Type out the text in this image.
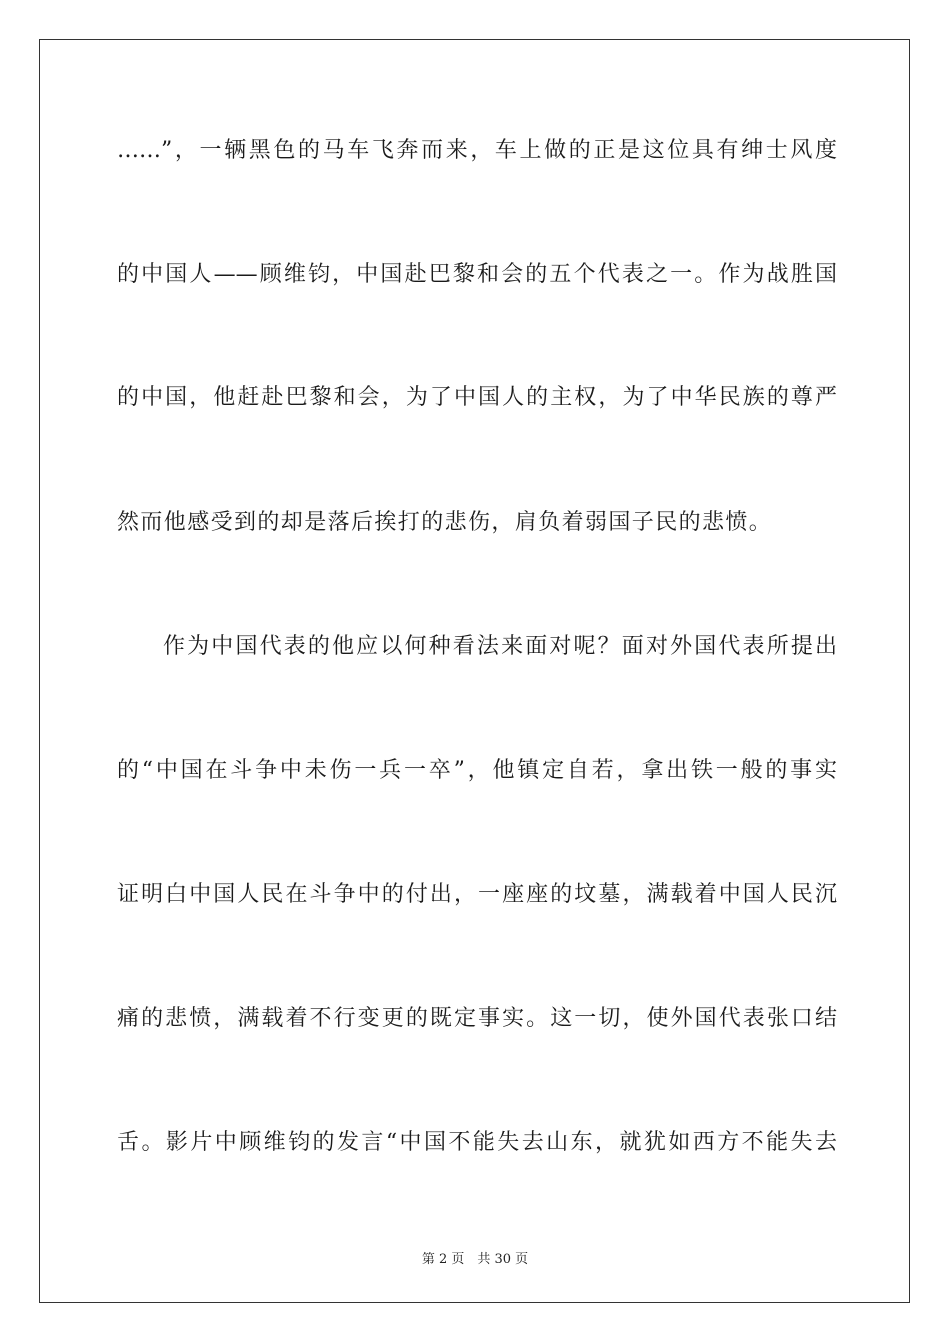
……”，一辆黑色的马车飞奔而来，车上做的正是这位具有绅士风度
的中国人——顾维钧，中国赴巴黎和会的五个代表之一。作为战胜国
的中国，他赶赴巴黎和会，为了中国人的主权，为了中华民族的尊严
然而他感受到的却是落后挨打的悲伤，肩负着弱国子民的悲愤。
作为中国代表的他应以何种看法来面对呢？面对外国代表所提出
的“中国在斗争中未伤一兵一卒”，他镇定自若，拿出铁一般的事实
证明白中国人民在斗争中的付出，一座座的坟墓，满载着中国人民沉
痛的悲愤，满载着不行变更的既定事实。这一切，使外国代表张口结
舌。影片中顾维钧的发言“中国不能失去山东，就犹如西方不能失去
第 2 页　共 30 页
